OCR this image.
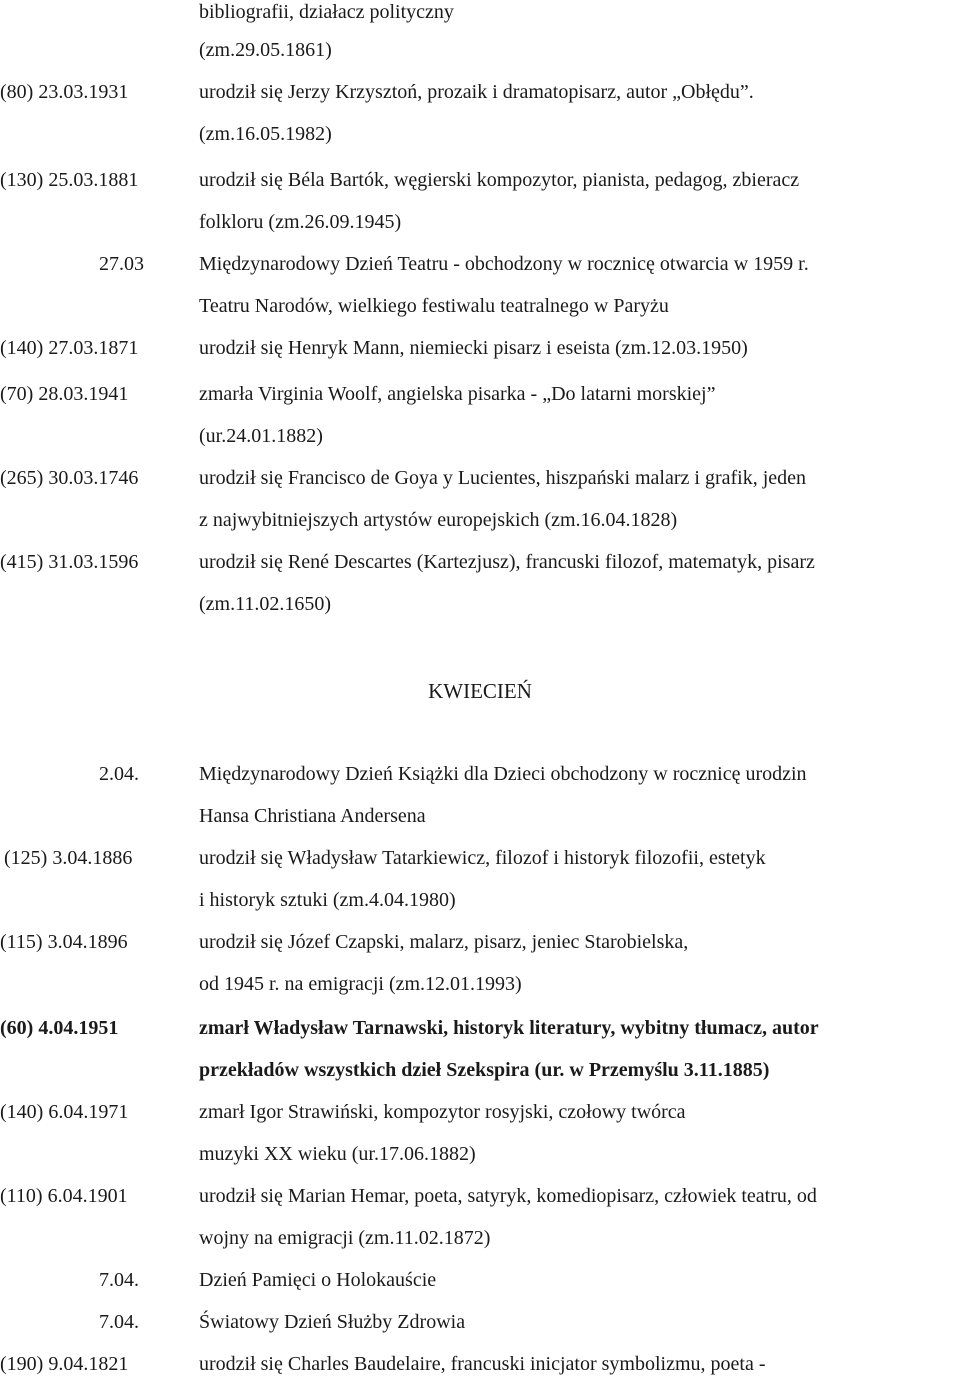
bibliografii, działacz polityczny
(zm.29.05.1861)
(80) 23.03.1931	urodził się Jerzy Krzysztoń, prozaik i dramatopisarz, autor „Obłędu”.
(zm.16.05.1982)
(130) 25.03.1881	urodził się Béla Bartók, węgierski kompozytor, pianista, pedagog, zbieracz
folkloru (zm.26.09.1945)
27.03	Międzynarodowy Dzień Teatru - obchodzony w rocznicę otwarcia w 1959 r.
Teatru Narodów, wielkiego festiwalu teatralnego w Paryżu
(140) 27.03.1871	urodził się Henryk Mann, niemiecki pisarz i eseista (zm.12.03.1950)
(70) 28.03.1941	zmarła Virginia Woolf, angielska pisarka - „Do latarni morskiej”
(ur.24.01.1882)
(265) 30.03.1746	urodził się Francisco de Goya y Lucientes, hiszpański malarz i grafik, jeden
z najwybitniejszych artystów europejskich (zm.16.04.1828)
(415) 31.03.1596	urodził się René Descartes (Kartezjusz), francuski filozof, matematyk, pisarz
(zm.11.02.1650)
KWIECIEŃ
2.04.	Międzynarodowy Dzień Książki dla Dzieci obchodzony w rocznicę urodzin
Hansa Christiana Andersena
(125) 3.04.1886	urodził się Władysław Tatarkiewicz, filozof i historyk filozofii, estetyk
i historyk sztuki (zm.4.04.1980)
(115) 3.04.1896	urodził się Józef Czapski, malarz, pisarz, jeniec Starobielska,
od 1945 r. na emigracji (zm.12.01.1993)
(60) 4.04.1951	zmarł Władysław Tarnawski, historyk literatury, wybitny tłumacz, autor
przekładów wszystkich dzieł Szekspira (ur. w Przemyślu 3.11.1885)
(140) 6.04.1971	zmarł Igor Strawiński, kompozytor rosyjski, czołowy twórca
muzyki XX wieku (ur.17.06.1882)
(110) 6.04.1901	urodził się Marian Hemar, poeta, satyryk, komediopisarz, człowiek teatru, od
wojny na emigracji (zm.11.02.1872)
7.04.	Dzień Pamięci o Holokauście
7.04.	Światowy Dzień Służby Zdrowia
(190) 9.04.1821	urodził się Charles Baudelaire, francuski inicjator symbolizmu, poeta -
